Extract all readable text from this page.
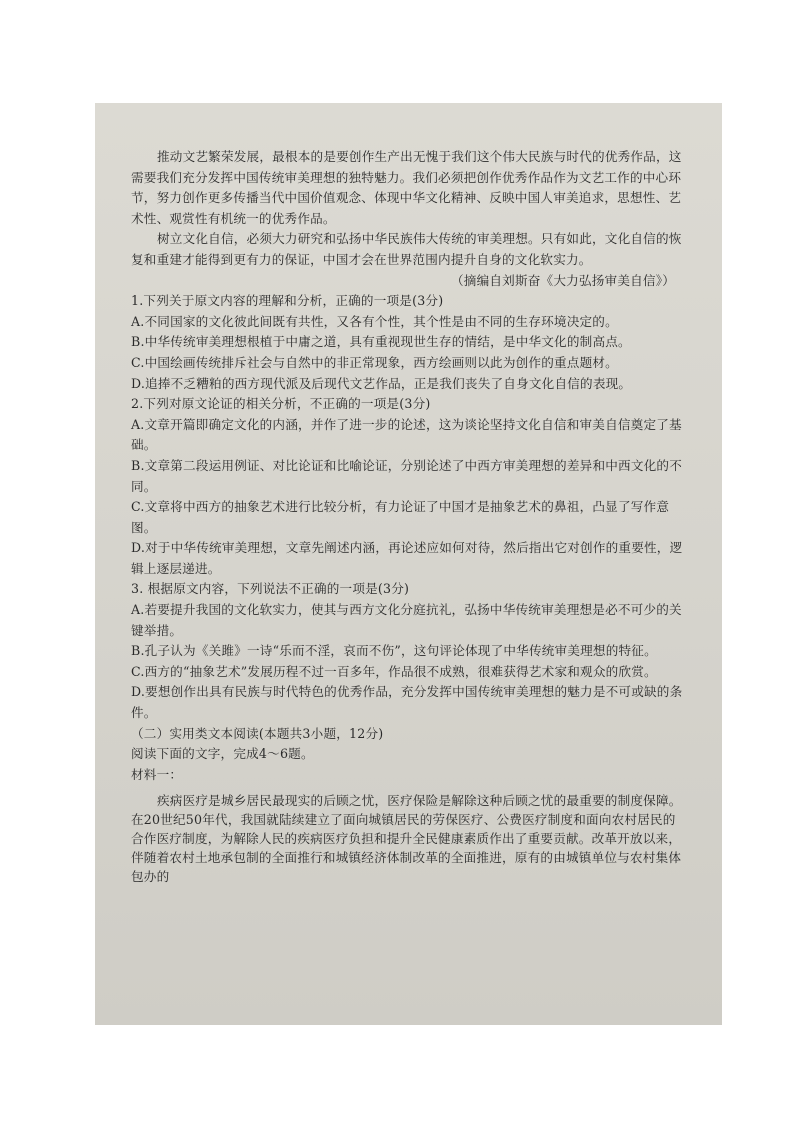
推动文艺繁荣发展，最根本的是要创作生产出无愧于我们这个伟大民族与时代的优秀作品，这需要我们充分发挥中国传统审美理想的独特魅力。我们必须把创作优秀作品作为文艺工作的中心环节，努力创作更多传播当代中国价值观念、体现中华文化精神、反映中国人审美追求，思想性、艺术性、观赏性有机统一的优秀作品。

树立文化自信，必须大力研究和弘扬中华民族伟大传统的审美理想。只有如此，文化自信的恢复和重建才能得到更有力的保证，中国才会在世界范围内提升自身的文化软实力。

（摘编自刘斯奋《大力弘扬审美自信》）

1.下列关于原文内容的理解和分析，正确的一项是(3分)

A.不同国家的文化彼此间既有共性，又各有个性，其个性是由不同的生存环境决定的。

B.中华传统审美理想根植于中庸之道，具有重视现世生存的情结，是中华文化的制高点。

C.中国绘画传统排斥社会与自然中的非正常现象，西方绘画则以此为创作的重点题材。

D.追捧不乏糟粕的西方现代派及后现代文艺作品，正是我们丧失了自身文化自信的表现。

2.下列对原文论证的相关分析，不正确的一项是(3分)

A.文章开篇即确定文化的内涵，并作了进一步的论述，这为谈论坚持文化自信和审美自信奠定了基础。

B.文章第二段运用例证、对比论证和比喻论证，分别论述了中西方审美理想的差异和中西文化的不同。

C.文章将中西方的抽象艺术进行比较分析，有力论证了中国才是抽象艺术的鼻祖，凸显了写作意图。

D.对于中华传统审美理想，文章先阐述内涵，再论述应如何对待，然后指出它对创作的重要性，逻辑上逐层递进。

3. 根据原文内容，下列说法不正确的一项是(3分)

A.若要提升我国的文化软实力，使其与西方文化分庭抗礼，弘扬中华传统审美理想是必不可少的关键举措。

B.孔子认为《关雎》一诗“乐而不淫，哀而不伤”，这句评论体现了中华传统审美理想的特征。

C.西方的“抽象艺术”发展历程不过一百多年，作品很不成熟，很难获得艺术家和观众的欣赏。

D.要想创作出具有民族与时代特色的优秀作品，充分发挥中国传统审美理想的魅力是不可或缺的条件。

（二）实用类文本阅读(本题共3小题，12分)

阅读下面的文字，完成4～6题。

材料一：

疾病医疗是城乡居民最现实的后顾之忧，医疗保险是解除这种后顾之忧的最重要的制度保障。在20世纪50年代，我国就陆续建立了面向城镇居民的劳保医疗、公费医疗制度和面向农村居民的合作医疗制度，为解除人民的疾病医疗负担和提升全民健康素质作出了重要贡献。改革开放以来，伴随着农村土地承包制的全面推行和城镇经济体制改革的全面推进，原有的由城镇单位与农村集体包办的
